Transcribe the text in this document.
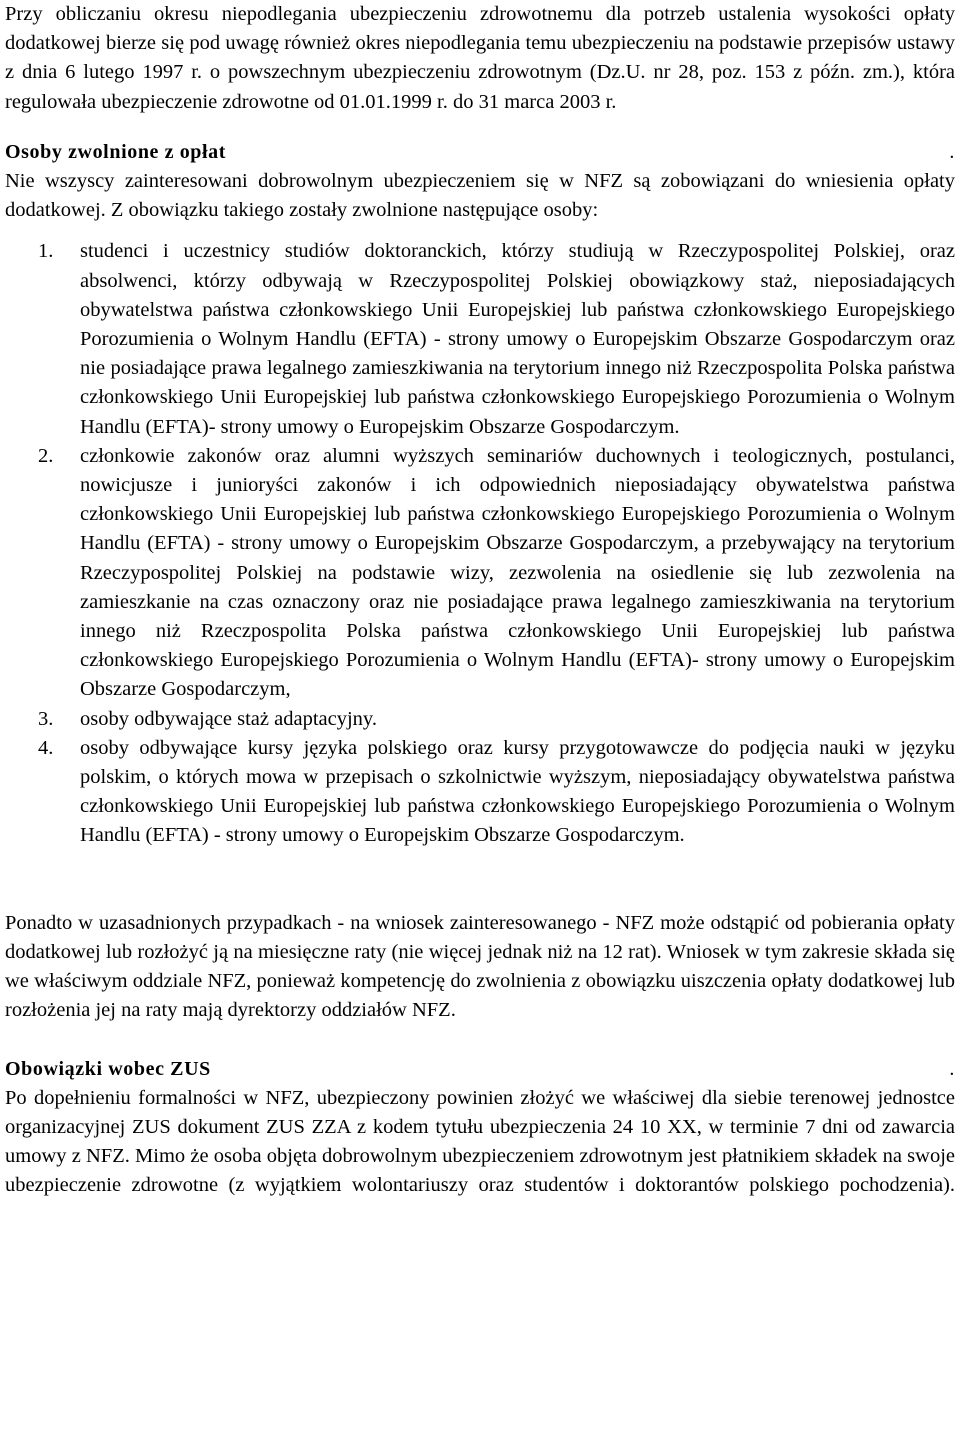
Przy obliczaniu okresu niepodlegania ubezpieczeniu zdrowotnemu dla potrzeb ustalenia wysokości opłaty dodatkowej bierze się pod uwagę również okres niepodlegania temu ubezpieczeniu na podstawie przepisów ustawy z dnia 6 lutego 1997 r. o powszechnym ubezpieczeniu zdrowotnym (Dz.U. nr 28, poz. 153 z późn. zm.), która regulowała ubezpieczenie zdrowotne od 01.01.1999 r. do 31 marca 2003 r.

Osoby zwolnione z opłat	.

Nie wszyscy zainteresowani dobrowolnym ubezpieczeniem się w NFZ są zobowiązani do wniesienia opłaty dodatkowej. Z obowiązku takiego zostały zwolnione następujące osoby:

1. studenci i uczestnicy studiów doktoranckich, którzy studiują w Rzeczypospolitej Polskiej, oraz absolwenci, którzy odbywają w Rzeczypospolitej Polskiej obowiązkowy staż, nieposiadających obywatelstwa państwa członkowskiego Unii Europejskiej lub państwa członkowskiego Europejskiego Porozumienia o Wolnym Handlu (EFTA) - strony umowy o Europejskim Obszarze Gospodarczym oraz nie posiadające prawa legalnego zamieszkiwania na terytorium innego niż Rzeczpospolita Polska państwa członkowskiego Unii Europejskiej lub państwa członkowskiego Europejskiego Porozumienia o Wolnym Handlu (EFTA)- strony umowy o Europejskim Obszarze Gospodarczym.
2. członkowie zakonów oraz alumni wyższych seminariów duchownych i teologicznych, postulanci, nowicjusze i junioryści zakonów i ich odpowiednich nieposiadający obywatelstwa państwa członkowskiego Unii Europejskiej lub państwa członkowskiego Europejskiego Porozumienia o Wolnym Handlu (EFTA) - strony umowy o Europejskim Obszarze Gospodarczym, a przebywający na terytorium Rzeczypospolitej Polskiej na podstawie wizy, zezwolenia na osiedlenie się lub zezwolenia na zamieszkanie na czas oznaczony oraz nie posiadające prawa legalnego zamieszkiwania na terytorium innego niż Rzeczpospolita Polska państwa członkowskiego Unii Europejskiej lub państwa członkowskiego Europejskiego Porozumienia o Wolnym Handlu (EFTA)- strony umowy o Europejskim Obszarze Gospodarczym,
3. osoby odbywające staż adaptacyjny.
4. osoby odbywające kursy języka polskiego oraz kursy przygotowawcze do podjęcia nauki w języku polskim, o których mowa w przepisach o szkolnictwie wyższym, nieposiadający obywatelstwa państwa członkowskiego Unii Europejskiej lub państwa członkowskiego Europejskiego Porozumienia o Wolnym Handlu (EFTA) - strony umowy o Europejskim Obszarze Gospodarczym.

Ponadto w uzasadnionych przypadkach - na wniosek zainteresowanego - NFZ może odstąpić od pobierania opłaty dodatkowej lub rozłożyć ją na miesięczne raty (nie więcej jednak niż na 12 rat). Wniosek w tym zakresie składa się we właściwym oddziale NFZ, ponieważ kompetencję do zwolnienia z obowiązku uiszczenia opłaty dodatkowej lub rozłożenia jej na raty mają dyrektorzy oddziałów NFZ.

Obowiązki wobec ZUS	.

Po dopełnieniu formalności w NFZ, ubezpieczony powinien złożyć we właściwej dla siebie terenowej jednostce organizacyjnej ZUS dokument ZUS ZZA z kodem tytułu ubezpieczenia 24 10 XX, w terminie 7 dni od zawarcia umowy z NFZ. Mimo że osoba objęta dobrowolnym ubezpieczeniem zdrowotnym jest płatnikiem składek na swoje ubezpieczenie zdrowotne (z wyjątkiem wolontariuszy oraz studentów i doktorantów polskiego pochodzenia).
